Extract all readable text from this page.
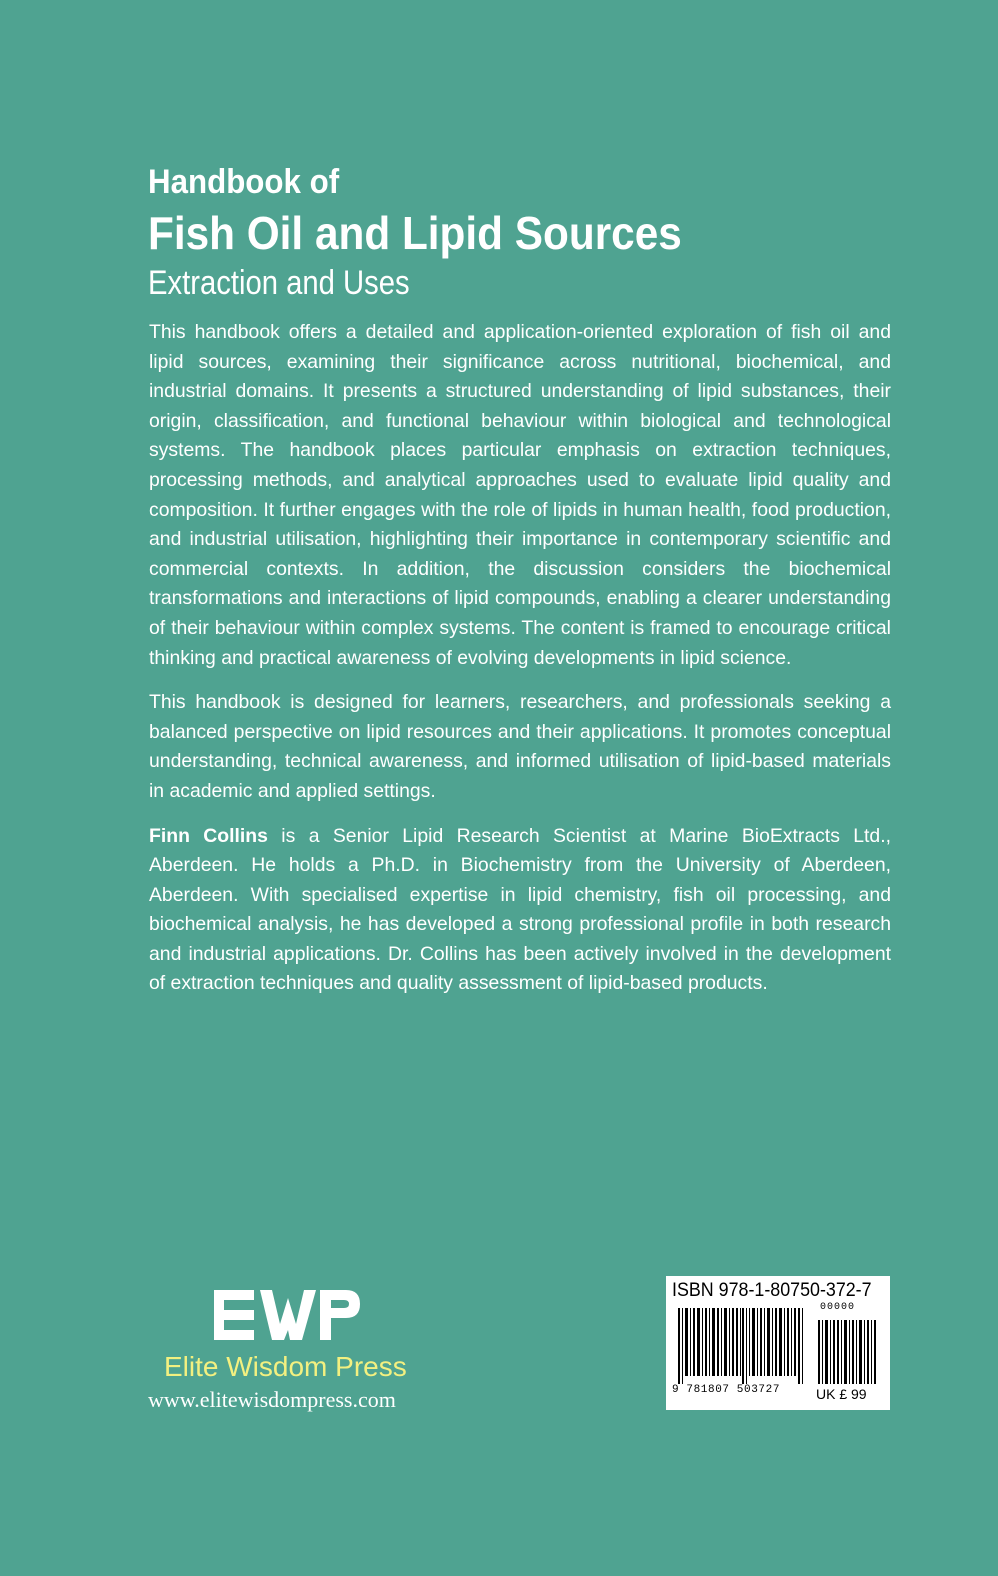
Handbook of
Fish Oil and Lipid Sources
Extraction and Uses

This handbook offers a detailed and application-oriented exploration of fish oil and lipid sources, examining their significance across nutritional, biochemical, and industrial domains. It presents a structured understanding of lipid substances, their origin, classification, and functional behaviour within biological and technological systems. The handbook places particular emphasis on extraction techniques, processing methods, and analytical approaches used to evaluate lipid quality and composition. It further engages with the role of lipids in human health, food production, and industrial utilisation, highlighting their importance in contemporary scientific and commercial contexts. In addition, the discussion considers the biochemical transformations and interactions of lipid compounds, enabling a clearer understanding of their behaviour within complex systems. The content is framed to encourage critical thinking and practical awareness of evolving developments in lipid science.

This handbook is designed for learners, researchers, and professionals seeking a balanced perspective on lipid resources and their applications. It promotes conceptual understanding, technical awareness, and informed utilisation of lipid-based materials in academic and applied settings.

Finn Collins is a Senior Lipid Research Scientist at Marine BioExtracts Ltd., Aberdeen. He holds a Ph.D. in Biochemistry from the University of Aberdeen, Aberdeen. With specialised expertise in lipid chemistry, fish oil processing, and biochemical analysis, he has developed a strong professional profile in both research and industrial applications. Dr. Collins has been actively involved in the development of extraction techniques and quality assessment of lipid-based products.

Elite Wisdom Press
www.elitewisdompress.com
ISBN 978-1-80750-372-7
00000
9 781807 503727	UK £ 99
